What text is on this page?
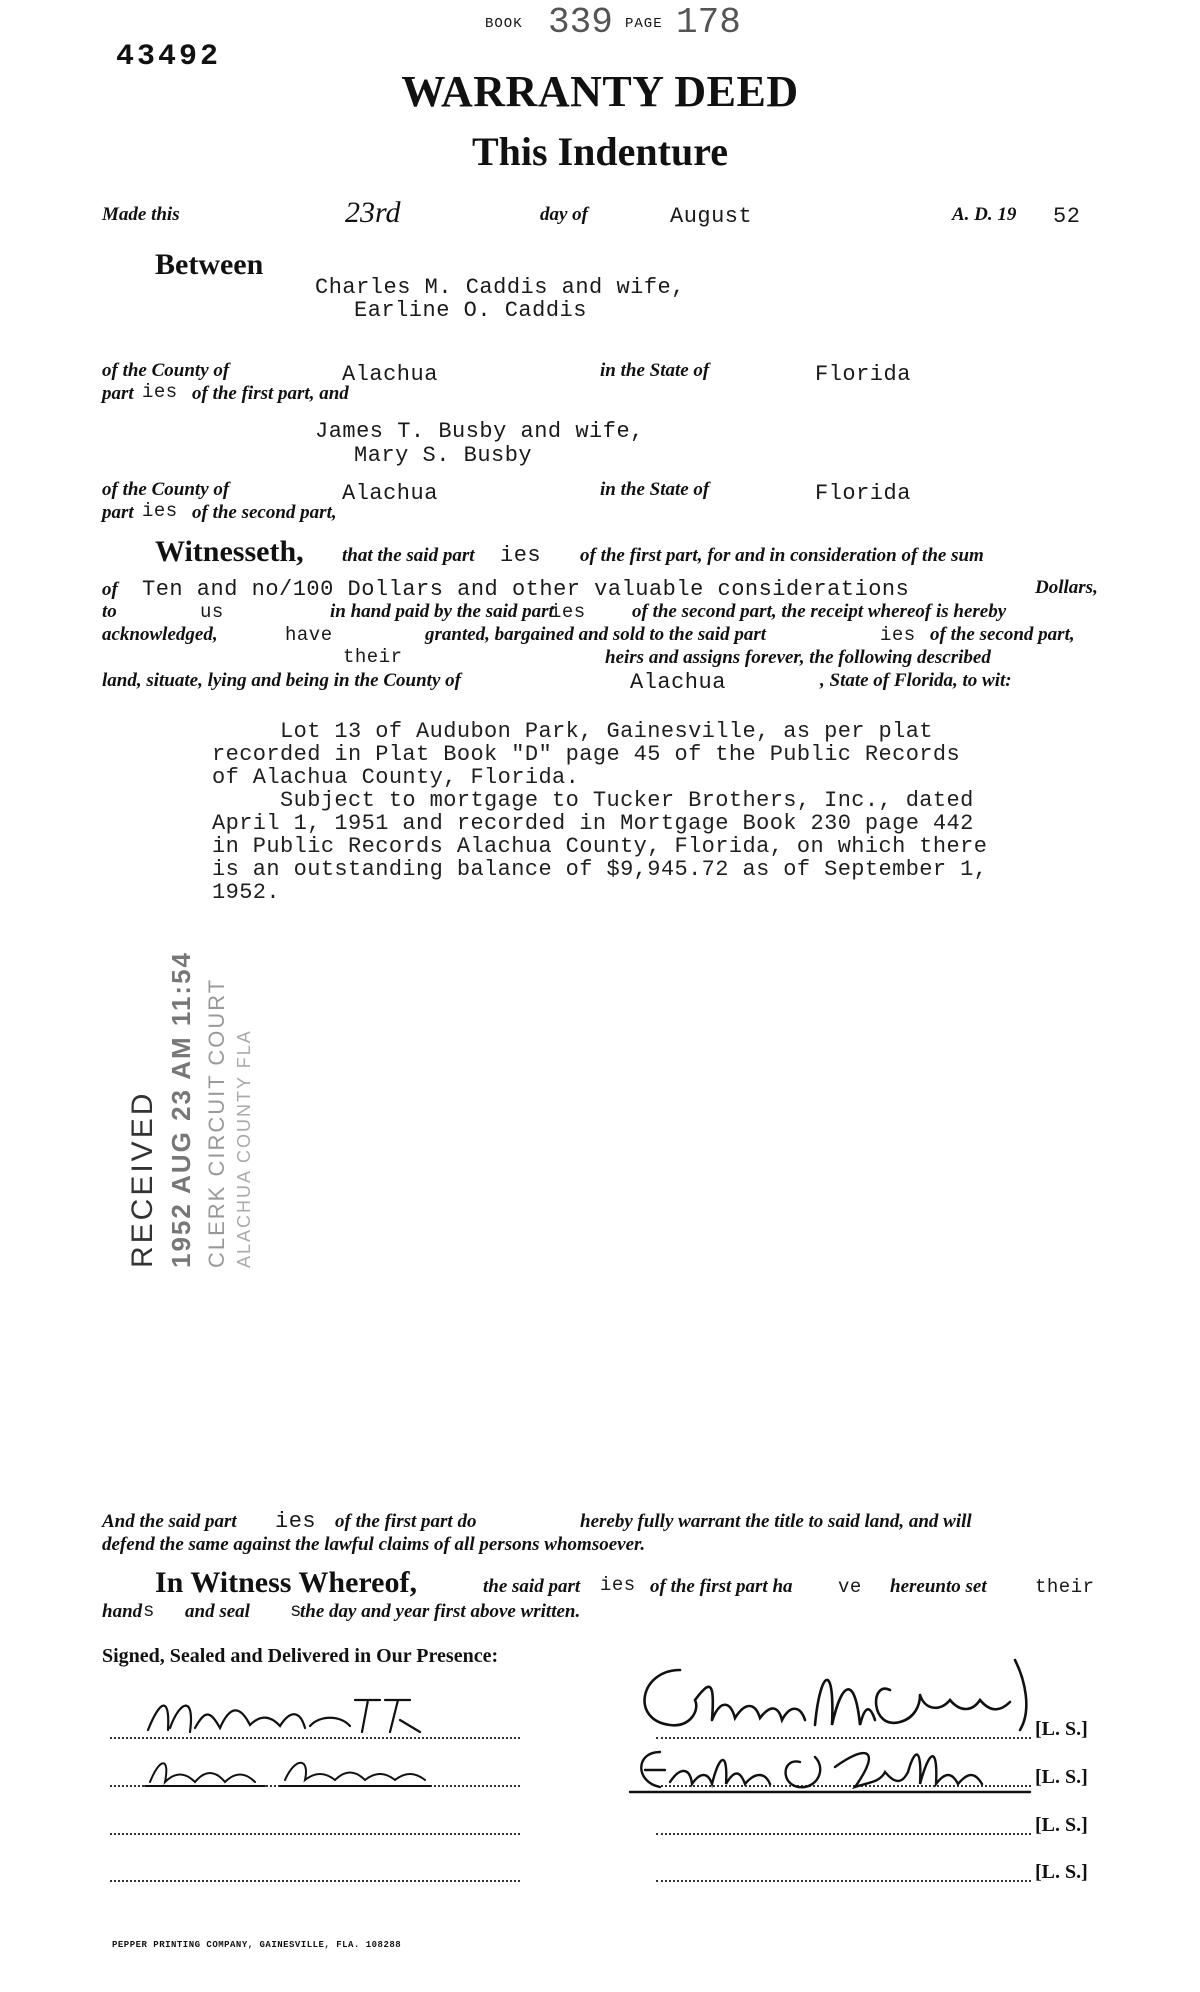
43492
BOOK 339 PAGE 178
WARRANTY DEED
This Indenture
Made this	23rd	day of	August	A. D. 19 52
Between
Charles M. Caddis and wife,
Earline O. Caddis
of the County of	Alachua	in the State of	Florida
part ies of the first part, and
James T. Busby and wife,
Mary S. Busby
of the County of	Alachua	in the State of	Florida
part ies of the second part,
Witnesseth, that the said part ies of the first part, for and in consideration of the sum
of Ten and no/100 Dollars and other valuable considerations	Dollars,
to	us	in hand paid by the said part
ies of the second part, the receipt whereof is hereby
acknowledged,	have	granted, bargained and sold to the said part	ies of the second part,
their	heirs and assigns forever, the following described
land, situate, lying and being in the County of	Alachua	, State of Florida, to wit:
Lot 13 of Audubon Park, Gainesville, as per plat
recorded in Plat Book "D" page 45 of the Public Records
of Alachua County, Florida.
Subject to mortgage to Tucker Brothers, Inc., dated
April 1, 1951 and recorded in Mortgage Book 230 page 442
in Public Records Alachua County, Florida, on which there
is an outstanding balance of $9,945.72 as of September 1,
1952.
RECEIVED 1952 AUG 23 AM 11:54 CLERK CIRCUIT COURT ALACHUA COUNTY FLA
And the said part ies of the first part do	hereby fully warrant the title to said land, and will
defend the same against the lawful claims of all persons whomsoever.
In Witness Whereof,	the said part ies of the first part ha ve hereunto set	their
hand s and seal s
the day and year first above written.
Signed, Sealed and Delivered in Our Presence:
[L. S.]
[L. S.]
[L. S.]
[L. S.]
PEPPER PRINTING COMPANY, GAINESVILLE, FLA. 108288
